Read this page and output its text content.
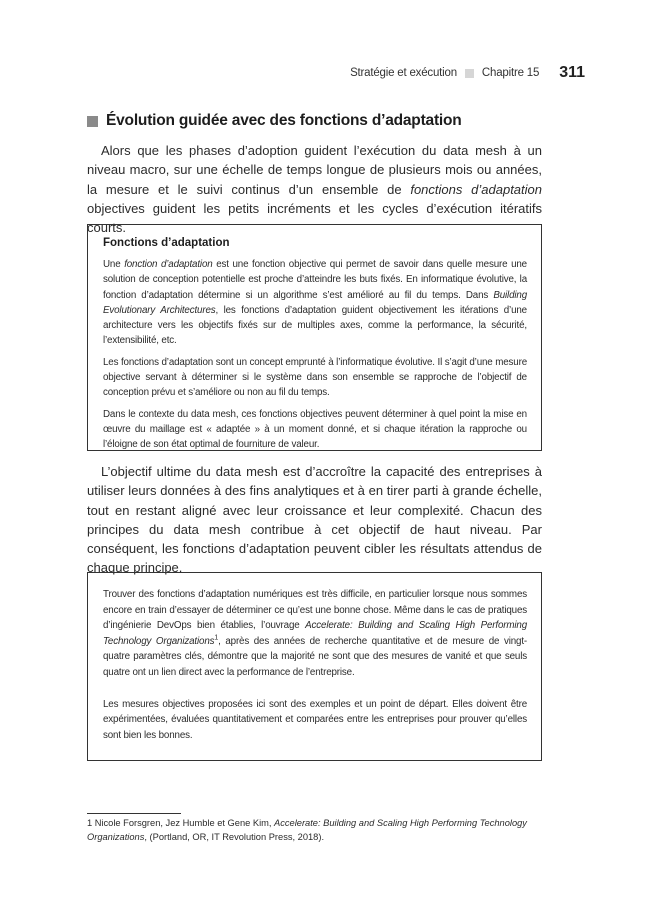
Stratégie et exécution Chapitre 15 311
Évolution guidée avec des fonctions d’adaptation
Alors que les phases d’adoption guident l’exécution du data mesh à un niveau macro, sur une échelle de temps longue de plusieurs mois ou années, la mesure et le suivi continus d’un ensemble de fonctions d’adaptation objectives guident les petits incréments et les cycles d’exécution itératifs courts.
Fonctions d’adaptation

Une fonction d’adaptation est une fonction objective qui permet de savoir dans quelle mesure une solution de conception potentielle est proche d’atteindre les buts fixés. En informatique évolutive, la fonction d’adaptation détermine si un algorithme s’est amélioré au fil du temps. Dans Building Evolutionary Architectures, les fonctions d’adaptation guident objectivement les itérations d’une architecture vers les objectifs fixés sur de multiples axes, comme la performance, la sécurité, l’extensibilité, etc.

Les fonctions d’adaptation sont un concept emprunté à l’informatique évolutive. Il s’agit d’une mesure objective servant à déterminer si le système dans son ensemble se rapproche de l’objectif de conception prévu et s’améliore ou non au fil du temps.

Dans le contexte du data mesh, ces fonctions objectives peuvent déterminer à quel point la mise en œuvre du maillage est « adaptée » à un moment donné, et si chaque itération la rapproche ou l’éloigne de son état optimal de fourniture de valeur.

L’objectif ultime du data mesh est d’accroître la capacité des entreprises à utiliser leurs données à des fins analytiques et à en tirer parti à grande échelle, tout en restant aligné avec leur croissance et leur complexité. Chacun des principes du data mesh contribue à cet objectif de haut niveau. Par conséquent, les fonctions d’adaptation peuvent cibler les résultats attendus de chaque principe.

Trouver des fonctions d’adaptation numériques est très difficile, en particulier lorsque nous sommes encore en train d’essayer de déterminer ce qu’est une bonne chose. Même dans le cas de pratiques d’ingénierie DevOps bien établies, l’ouvrage Accelerate: Building and Scaling High Performing Technology Organizations$^1$, après des années de recherche quantitative et de mesure de vingt-quatre paramètres clés, démontre que la majorité ne sont que des mesures de vanité et que seuls quatre ont un lien direct avec la performance de l’entreprise.

Les mesures objectives proposées ici sont des exemples et un point de départ. Elles doivent être expérimentées, évaluées quantitativement et comparées entre les entreprises pour prouver qu’elles sont bien les bonnes.

1 Nicole Forsgren, Jez Humble et Gene Kim, Accelerate: Building and Scaling High Performing Technology Organizations, (Portland, OR, IT Revolution Press, 2018).
